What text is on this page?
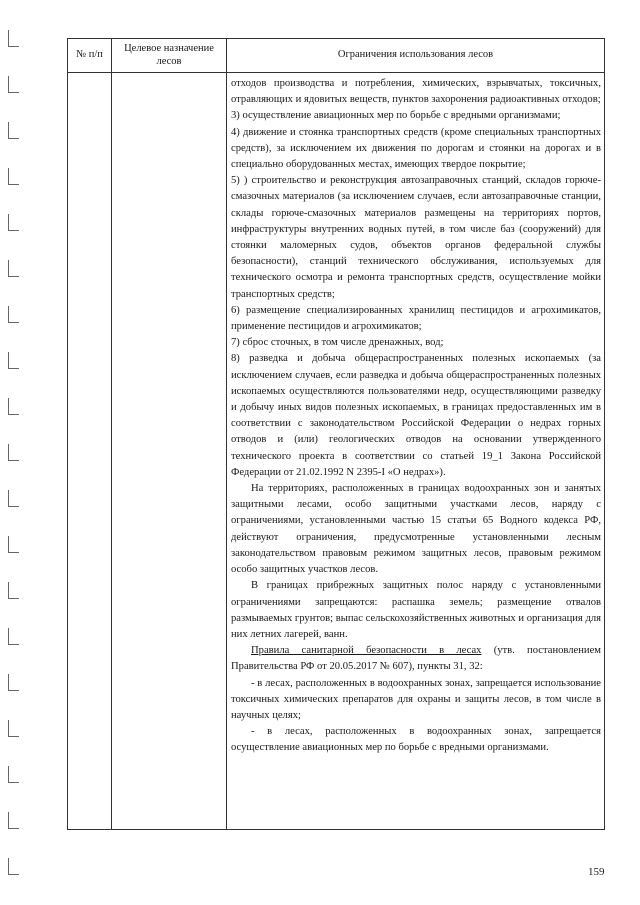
№ п/п
Целевое назначение лесов
Ограничения использования лесов

отходов производства и потребления, химических, взрывчатых, токсичных, отравляющих и ядовитых веществ, пунктов захоронения радиоактивных отходов;

3) осуществление авиационных мер по борьбе с вредными организмами;

4) движение и стоянка транспортных средств (кроме специальных транспортных средств), за исключением их движения по дорогам и стоянки на дорогах и в специально оборудованных местах, имеющих твердое покрытие;

5) ) строительство и реконструкция автозаправочных станций, складов горюче-смазочных материалов (за исключением случаев, если автозаправочные станции, склады горюче-смазочных материалов размещены на территориях портов, инфраструктуры внутренних водных путей, в том числе баз (сооружений) для стоянки маломерных судов, объектов органов федеральной службы безопасности), станций технического обслуживания, используемых для технического осмотра и ремонта транспортных средств, осуществление мойки транспортных средств;

6) размещение специализированных хранилищ пестицидов и агрохимикатов, применение пестицидов и агрохимикатов;

7) сброс сточных, в том числе дренажных, вод;

8) разведка и добыча общераспространенных полезных ископаемых (за исключением случаев, если разведка и добыча общераспространенных полезных ископаемых осуществляются пользователями недр, осуществляющими разведку и добычу иных видов полезных ископаемых, в границах предоставленных им в соответствии с законодательством Российской Федерации о недрах горных отводов и (или) геологических отводов на основании утвержденного технического проекта в соответствии со статьей 19_1 Закона Российской Федерации от 21.02.1992 N 2395-I «О недрах»).

На территориях, расположенных в границах водоохранных зон и занятых защитными лесами, особо защитными участками лесов, наряду с ограничениями, установленными частью 15 статьи 65 Водного кодекса РФ, действуют ограничения, предусмотренные установленными лесным законодательством правовым режимом защитных лесов, правовым режимом особо защитных участков лесов.

В границах прибрежных защитных полос наряду с установленными ограничениями запрещаются: распашка земель; размещение отвалов размываемых грунтов; выпас сельскохозяйственных животных и организация для них летних лагерей, ванн.

Правила санитарной безопасности в лесах (утв. постановлением Правительства РФ от 20.05.2017 № 607), пункты 31, 32:

- в лесах, расположенных в водоохранных зонах, запрещается использование токсичных химических препаратов для охраны и защиты лесов, в том числе в научных целях;

- в лесах, расположенных в водоохранных зонах, запрещается осуществление авиационных мер по борьбе с вредными организмами.

159
